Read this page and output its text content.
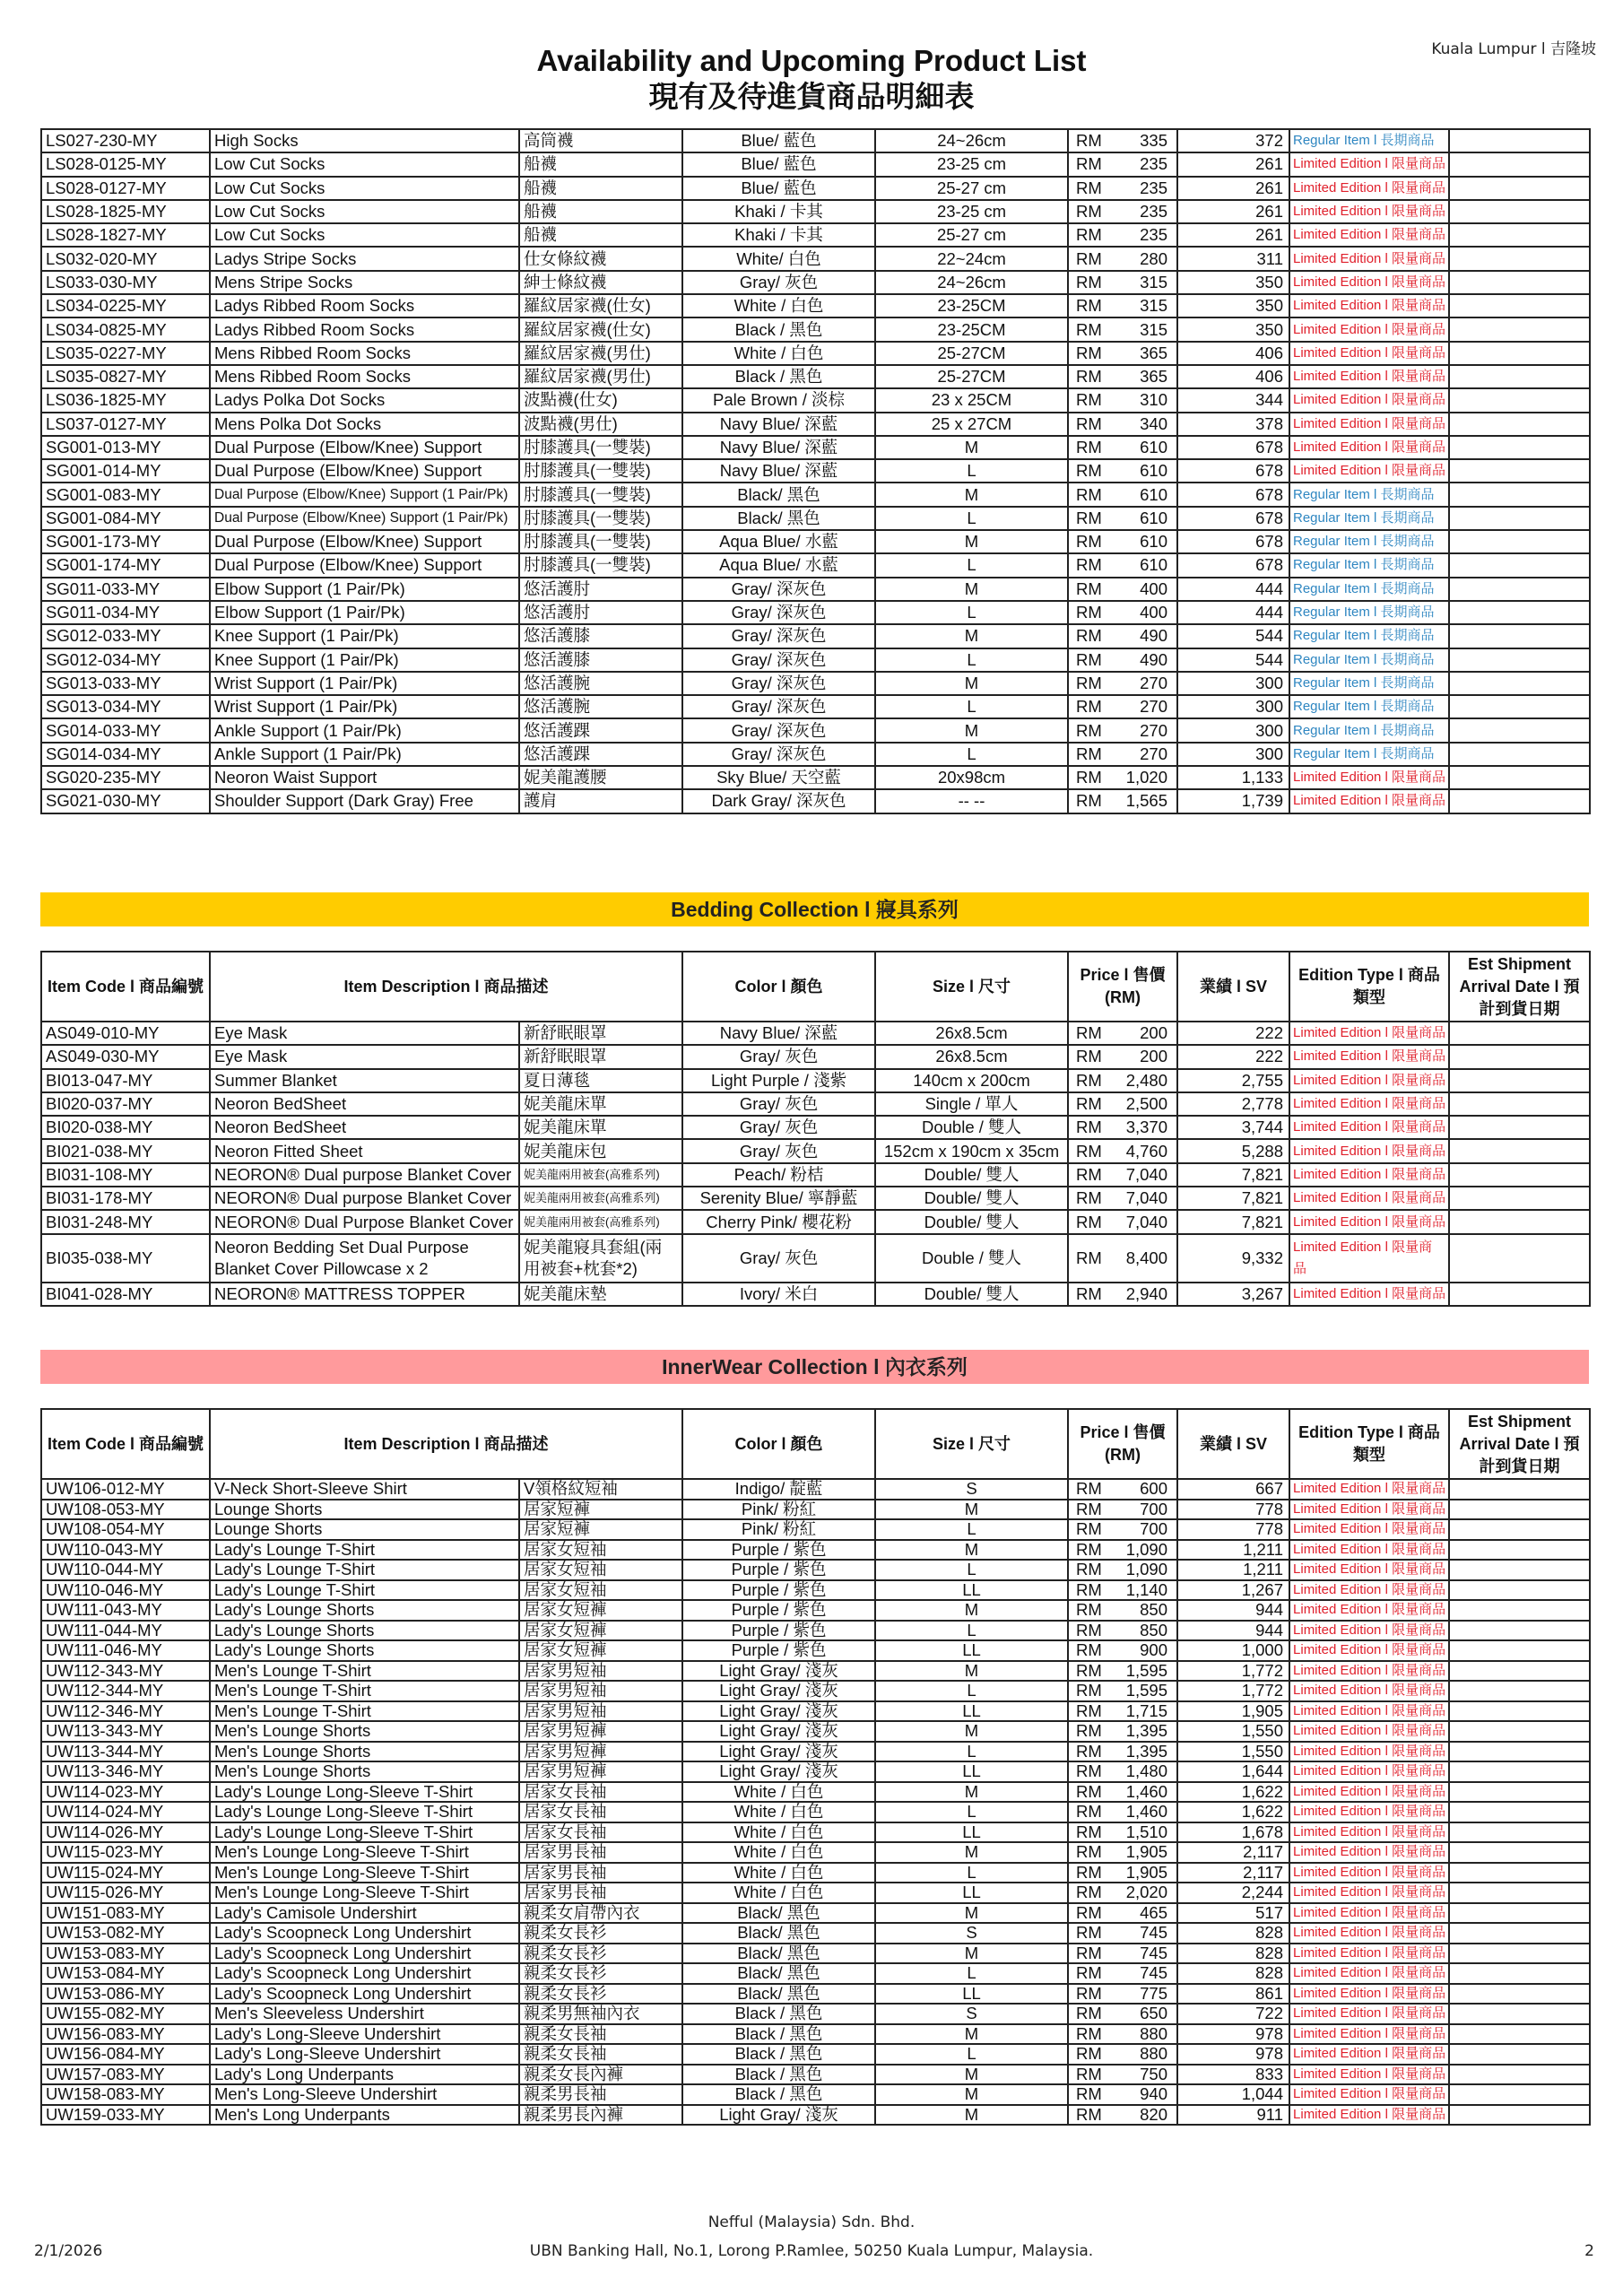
Kuala Lumpur l 吉隆坡
Availability and Upcoming Product List
現有及待進貨商品明細表
LS027-230-MY	High Socks	高筒襪	Blue/ 藍色	24~26cm	RM 335	372	Regular Item l 長期商品	
LS028-0125-MY	Low Cut Socks	船襪	Blue/ 藍色	23-25 cm	RM 235	261	Limited Edition l 限量商品	
LS028-0127-MY	Low Cut Socks	船襪	Blue/ 藍色	25-27 cm	RM 235	261	Limited Edition l 限量商品	
LS028-1825-MY	Low Cut Socks	船襪	Khaki / 卡其	23-25 cm	RM 235	261	Limited Edition l 限量商品	
LS028-1827-MY	Low Cut Socks	船襪	Khaki / 卡其	25-27 cm	RM 235	261	Limited Edition l 限量商品	
LS032-020-MY	Ladys Stripe Socks	仕女條紋襪	White/ 白色	22~24cm	RM 280	311	Limited Edition l 限量商品	
LS033-030-MY	Mens Stripe Socks	紳士條紋襪	Gray/ 灰色	24~26cm	RM 315	350	Limited Edition l 限量商品	
LS034-0225-MY	Ladys Ribbed Room Socks	羅紋居家襪(仕女)	White / 白色	23-25CM	RM 315	350	Limited Edition l 限量商品	
LS034-0825-MY	Ladys Ribbed Room Socks	羅紋居家襪(仕女)	Black / 黑色	23-25CM	RM 315	350	Limited Edition l 限量商品	
LS035-0227-MY	Mens Ribbed Room Socks	羅紋居家襪(男仕)	White / 白色	25-27CM	RM 365	406	Limited Edition l 限量商品	
LS035-0827-MY	Mens Ribbed Room Socks	羅紋居家襪(男仕)	Black / 黑色	25-27CM	RM 365	406	Limited Edition l 限量商品	
LS036-1825-MY	Ladys Polka Dot Socks	波點襪(仕女)	Pale Brown / 淡棕	23 x 25CM	RM 310	344	Limited Edition l 限量商品	
LS037-0127-MY	Mens Polka Dot Socks	波點襪(男仕)	Navy Blue/ 深藍	25 x 27CM	RM 340	378	Limited Edition l 限量商品	
SG001-013-MY	Dual Purpose (Elbow/Knee) Support	肘膝護具(一雙裝)	Navy Blue/ 深藍	M	RM 610	678	Limited Edition l 限量商品	
SG001-014-MY	Dual Purpose (Elbow/Knee) Support	肘膝護具(一雙裝)	Navy Blue/ 深藍	L	RM 610	678	Limited Edition l 限量商品	
SG001-083-MY	Dual Purpose (Elbow/Knee) Support (1 Pair/Pk)	肘膝護具(一雙裝)	Black/ 黑色	M	RM 610	678	Regular Item l 長期商品	
SG001-084-MY	Dual Purpose (Elbow/Knee) Support (1 Pair/Pk)	肘膝護具(一雙裝)	Black/ 黑色	L	RM 610	678	Regular Item l 長期商品	
SG001-173-MY	Dual Purpose (Elbow/Knee) Support	肘膝護具(一雙裝)	Aqua Blue/ 水藍	M	RM 610	678	Regular Item l 長期商品	
SG001-174-MY	Dual Purpose (Elbow/Knee) Support	肘膝護具(一雙裝)	Aqua Blue/ 水藍	L	RM 610	678	Regular Item l 長期商品	
SG011-033-MY	Elbow Support (1 Pair/Pk)	悠活護肘	Gray/ 深灰色	M	RM 400	444	Regular Item l 長期商品	
SG011-034-MY	Elbow Support (1 Pair/Pk)	悠活護肘	Gray/ 深灰色	L	RM 400	444	Regular Item l 長期商品	
SG012-033-MY	Knee Support (1 Pair/Pk)	悠活護膝	Gray/ 深灰色	M	RM 490	544	Regular Item l 長期商品	
SG012-034-MY	Knee Support (1 Pair/Pk)	悠活護膝	Gray/ 深灰色	L	RM 490	544	Regular Item l 長期商品	
SG013-033-MY	Wrist Support (1 Pair/Pk)	悠活護腕	Gray/ 深灰色	M	RM 270	300	Regular Item l 長期商品	
SG013-034-MY	Wrist Support (1 Pair/Pk)	悠活護腕	Gray/ 深灰色	L	RM 270	300	Regular Item l 長期商品	
SG014-033-MY	Ankle Support (1 Pair/Pk)	悠活護踝	Gray/ 深灰色	M	RM 270	300	Regular Item l 長期商品	
SG014-034-MY	Ankle Support (1 Pair/Pk)	悠活護踝	Gray/ 深灰色	L	RM 270	300	Regular Item l 長期商品	
SG020-235-MY	Neoron Waist Support	妮美龍護腰	Sky Blue/ 天空藍	20x98cm	RM 1,020	1,133	Limited Edition l 限量商品	
SG021-030-MY	Shoulder Support (Dark Gray) Free	護肩	Dark Gray/ 深灰色	-- --	RM 1,565	1,739	Limited Edition l 限量商品	
Bedding Collection l 寢具系列
Item Code l 商品編號	Item Description l 商品描述		Color l 顏色	Size l 尺寸	Price l 售價 (RM)	業績 l SV	Edition Type l 商品類型	Est Shipment Arrival Date l 預計到貨日期
AS049-010-MY	Eye Mask	新舒眠眼罩	Navy Blue/ 深藍	26x8.5cm	RM 200	222	Limited Edition l 限量商品	
AS049-030-MY	Eye Mask	新舒眠眼罩	Gray/ 灰色	26x8.5cm	RM 200	222	Limited Edition l 限量商品	
BI013-047-MY	Summer Blanket	夏日薄毯	Light Purple / 淺紫	140cm x 200cm	RM 2,480	2,755	Limited Edition l 限量商品	
BI020-037-MY	Neoron BedSheet	妮美龍床單	Gray/ 灰色	Single / 單人	RM 2,500	2,778	Limited Edition l 限量商品	
BI020-038-MY	Neoron BedSheet	妮美龍床單	Gray/ 灰色	Double / 雙人	RM 3,370	3,744	Limited Edition l 限量商品	
BI021-038-MY	Neoron Fitted Sheet	妮美龍床包	Gray/ 灰色	152cm x 190cm x 35cm	RM 4,760	5,288	Limited Edition l 限量商品	
BI031-108-MY	NEORON® Dual purpose Blanket Cover	妮美龍兩用被套(高雅系列)	Peach/ 粉桔	Double/ 雙人	RM 7,040	7,821	Limited Edition l 限量商品	
BI031-178-MY	NEORON® Dual purpose Blanket Cover	妮美龍兩用被套(高雅系列)	Serenity Blue/ 寧靜藍	Double/ 雙人	RM 7,040	7,821	Limited Edition l 限量商品	
BI031-248-MY	NEORON® Dual Purpose Blanket Cover	妮美龍兩用被套(高雅系列)	Cherry Pink/ 櫻花粉	Double/ 雙人	RM 7,040	7,821	Limited Edition l 限量商品	
BI035-038-MY	Neoron Bedding Set Dual Purpose Blanket Cover Pillowcase x 2	妮美龍寢具套組(兩用被套+枕套*2)	Gray/ 灰色	Double / 雙人	RM 8,400	9,332	Limited Edition l 限量商品	
BI041-028-MY	NEORON® MATTRESS TOPPER	妮美龍床墊	Ivory/ 米白	Double/ 雙人	RM 2,940	3,267	Limited Edition l 限量商品	
InnerWear Collection l 內衣系列
Item Code l 商品編號	Item Description l 商品描述		Color l 顏色	Size l 尺寸	Price l 售價 (RM)	業績 l SV	Edition Type l 商品類型	Est Shipment Arrival Date l 預計到貨日期
UW106-012-MY	V-Neck Short-Sleeve Shirt	V領格紋短袖	Indigo/ 靛藍	S	RM 600	667	Limited Edition l 限量商品	
UW108-053-MY	Lounge Shorts	居家短褲	Pink/ 粉紅	M	RM 700	778	Limited Edition l 限量商品	
UW108-054-MY	Lounge Shorts	居家短褲	Pink/ 粉紅	L	RM 700	778	Limited Edition l 限量商品	
UW110-043-MY	Lady's Lounge T-Shirt	居家女短袖	Purple / 紫色	M	RM 1,090	1,211	Limited Edition l 限量商品	
UW110-044-MY	Lady's Lounge T-Shirt	居家女短袖	Purple / 紫色	L	RM 1,090	1,211	Limited Edition l 限量商品	
UW110-046-MY	Lady's Lounge T-Shirt	居家女短袖	Purple / 紫色	LL	RM 1,140	1,267	Limited Edition l 限量商品	
UW111-043-MY	Lady's Lounge Shorts	居家女短褲	Purple / 紫色	M	RM 850	944	Limited Edition l 限量商品	
UW111-044-MY	Lady's Lounge Shorts	居家女短褲	Purple / 紫色	L	RM 850	944	Limited Edition l 限量商品	
UW111-046-MY	Lady's Lounge Shorts	居家女短褲	Purple / 紫色	LL	RM 900	1,000	Limited Edition l 限量商品	
UW112-343-MY	Men's Lounge T-Shirt	居家男短袖	Light Gray/ 淺灰	M	RM 1,595	1,772	Limited Edition l 限量商品	
UW112-344-MY	Men's Lounge T-Shirt	居家男短袖	Light Gray/ 淺灰	L	RM 1,595	1,772	Limited Edition l 限量商品	
UW112-346-MY	Men's Lounge T-Shirt	居家男短袖	Light Gray/ 淺灰	LL	RM 1,715	1,905	Limited Edition l 限量商品	
UW113-343-MY	Men's Lounge Shorts	居家男短褲	Light Gray/ 淺灰	M	RM 1,395	1,550	Limited Edition l 限量商品	
UW113-344-MY	Men's Lounge Shorts	居家男短褲	Light Gray/ 淺灰	L	RM 1,395	1,550	Limited Edition l 限量商品	
UW113-346-MY	Men's Lounge Shorts	居家男短褲	Light Gray/ 淺灰	LL	RM 1,480	1,644	Limited Edition l 限量商品	
UW114-023-MY	Lady's Lounge Long-Sleeve T-Shirt	居家女長袖	White / 白色	M	RM 1,460	1,622	Limited Edition l 限量商品	
UW114-024-MY	Lady's Lounge Long-Sleeve T-Shirt	居家女長袖	White / 白色	L	RM 1,460	1,622	Limited Edition l 限量商品	
UW114-026-MY	Lady's Lounge Long-Sleeve T-Shirt	居家女長袖	White / 白色	LL	RM 1,510	1,678	Limited Edition l 限量商品	
UW115-023-MY	Men's Lounge Long-Sleeve T-Shirt	居家男長袖	White / 白色	M	RM 1,905	2,117	Limited Edition l 限量商品	
UW115-024-MY	Men's Lounge Long-Sleeve T-Shirt	居家男長袖	White / 白色	L	RM 1,905	2,117	Limited Edition l 限量商品	
UW115-026-MY	Men's Lounge Long-Sleeve T-Shirt	居家男長袖	White / 白色	LL	RM 2,020	2,244	Limited Edition l 限量商品	
UW151-083-MY	Lady's Camisole Undershirt	親柔女肩帶內衣	Black/ 黑色	M	RM 465	517	Limited Edition l 限量商品	
UW153-082-MY	Lady's Scoopneck Long Undershirt	親柔女長衫	Black/ 黑色	S	RM 745	828	Limited Edition l 限量商品	
UW153-083-MY	Lady's Scoopneck Long Undershirt	親柔女長衫	Black/ 黑色	M	RM 745	828	Limited Edition l 限量商品	
UW153-084-MY	Lady's Scoopneck Long Undershirt	親柔女長衫	Black/ 黑色	L	RM 745	828	Limited Edition l 限量商品	
UW153-086-MY	Lady's Scoopneck Long Undershirt	親柔女長衫	Black/ 黑色	LL	RM 775	861	Limited Edition l 限量商品	
UW155-082-MY	Men's Sleeveless Undershirt	親柔男無袖內衣	Black / 黑色	S	RM 650	722	Limited Edition l 限量商品	
UW156-083-MY	Lady's Long-Sleeve Undershirt	親柔女長袖	Black / 黑色	M	RM 880	978	Limited Edition l 限量商品	
UW156-084-MY	Lady's Long-Sleeve Undershirt	親柔女長袖	Black / 黑色	L	RM 880	978	Limited Edition l 限量商品	
UW157-083-MY	Lady's Long Underpants	親柔女長內褲	Black / 黑色	M	RM 750	833	Limited Edition l 限量商品	
UW158-083-MY	Men's Long-Sleeve Undershirt	親柔男長袖	Black / 黑色	M	RM 940	1,044	Limited Edition l 限量商品	
UW159-033-MY	Men's Long Underpants	親柔男長內褲	Light Gray/ 淺灰	M	RM 820	911	Limited Edition l 限量商品	
Nefful (Malaysia) Sdn. Bhd.
UBN Banking Hall, No.1, Lorong P.Ramlee, 50250 Kuala Lumpur, Malaysia.
2/1/2026	2
